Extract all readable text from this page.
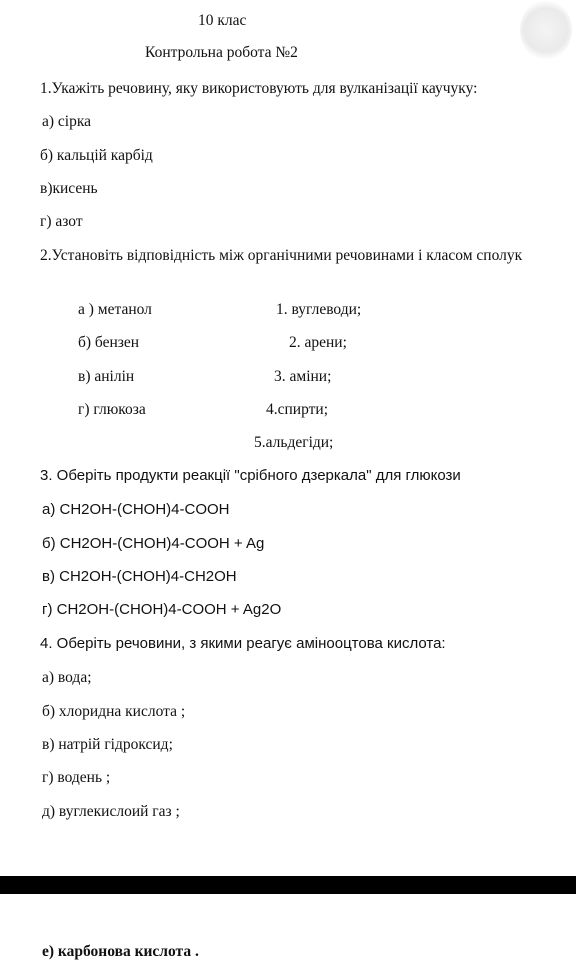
10 клас
Контрольна робота №2
1.Укажіть речовину, яку використовують для вулканізації каучуку:
а) сірка
б) кальцій карбід
в)кисень
г) азот
2.Установіть відповідність між органічними речовинами і класом сполук
а ) метанол
б) бензен
в) анілін
г) глюкоза
1. вуглеводи;
2. арени;
3. аміни;
4.спирти;
5.альдегіди;
3. Оберіть продукти реакції "срібного дзеркала" для глюкози
а) CH2OH-(CHOH)4-COOH
б) CH2OH-(CHOH)4-COOH + Ag
в) CH2OH-(CHOH)4-CH2OH
г) CH2OH-(CHOH)4-COOH + Ag2O
4. Оберіть речовини, з якими реагує амінооцтова кислота:
а) вода;
б) хлоридна кислота ;
в) натрій гідроксид;
г) водень ;
д) вуглекислоий газ ;
е) карбонова кислота .
